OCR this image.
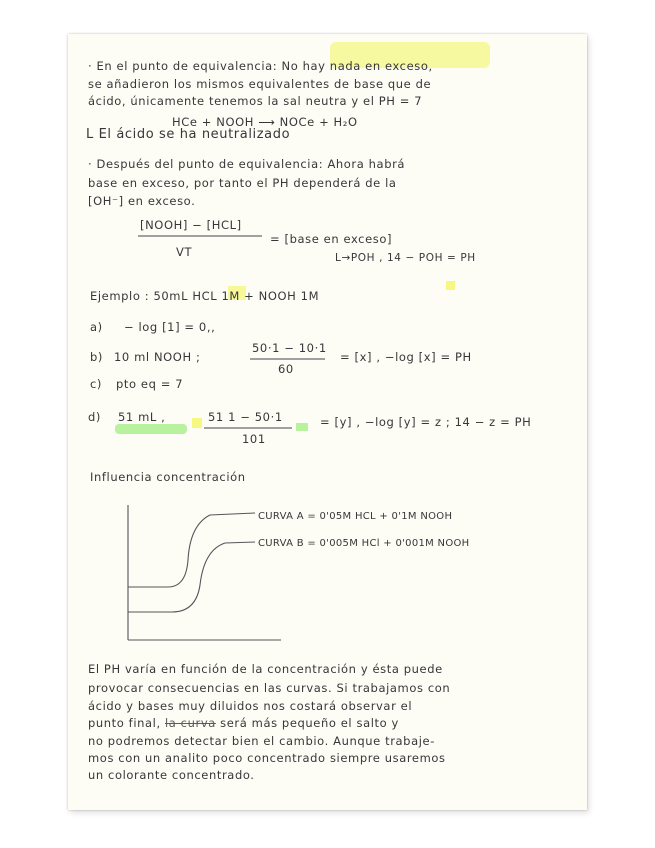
· En el punto de equivalencia: No hay nada en exceso,
se añadieron los mismos equivalentes de base que de
ácido, únicamente tenemos la sal neutra y el PH = 7
HCe + NOOH ⟶ NOCe + H₂O
L El ácido se ha neutralizado
· Después del punto de equivalencia: Ahora habrá
base en exceso, por tanto el PH dependerá de la
[OH⁻] en exceso.
[NOOH] − [HCL]
VT
= [base en exceso]
L→POH , 14 − POH = PH
Ejemplo : 50mL HCL 1M + NOOH 1M
a) − log [1] = 0,,
b) 10 ml NOOH ;
50·1 − 10·1
60
= [x] , −log [x] = PH
c) pto eq = 7
d) 51 mL ,	51 1 − 50·1
101
= [y] , −log [y] = z ; 14 − z = PH
Influencia concentración
CURVA A = 0'05M HCL + 0'1M NOOH
CURVA B = 0'005M HCl + 0'001M NOOH
El PH varía en función de la concentración y ésta puede
provocar consecuencias en las curvas. Si trabajamos con
ácido y bases muy diluidos nos costará observar el
punto final, la curva será más pequeño el salto y
no podremos detectar bien el cambio. Aunque trabaje-
mos con un analito poco concentrado siempre usaremos
un colorante concentrado.
